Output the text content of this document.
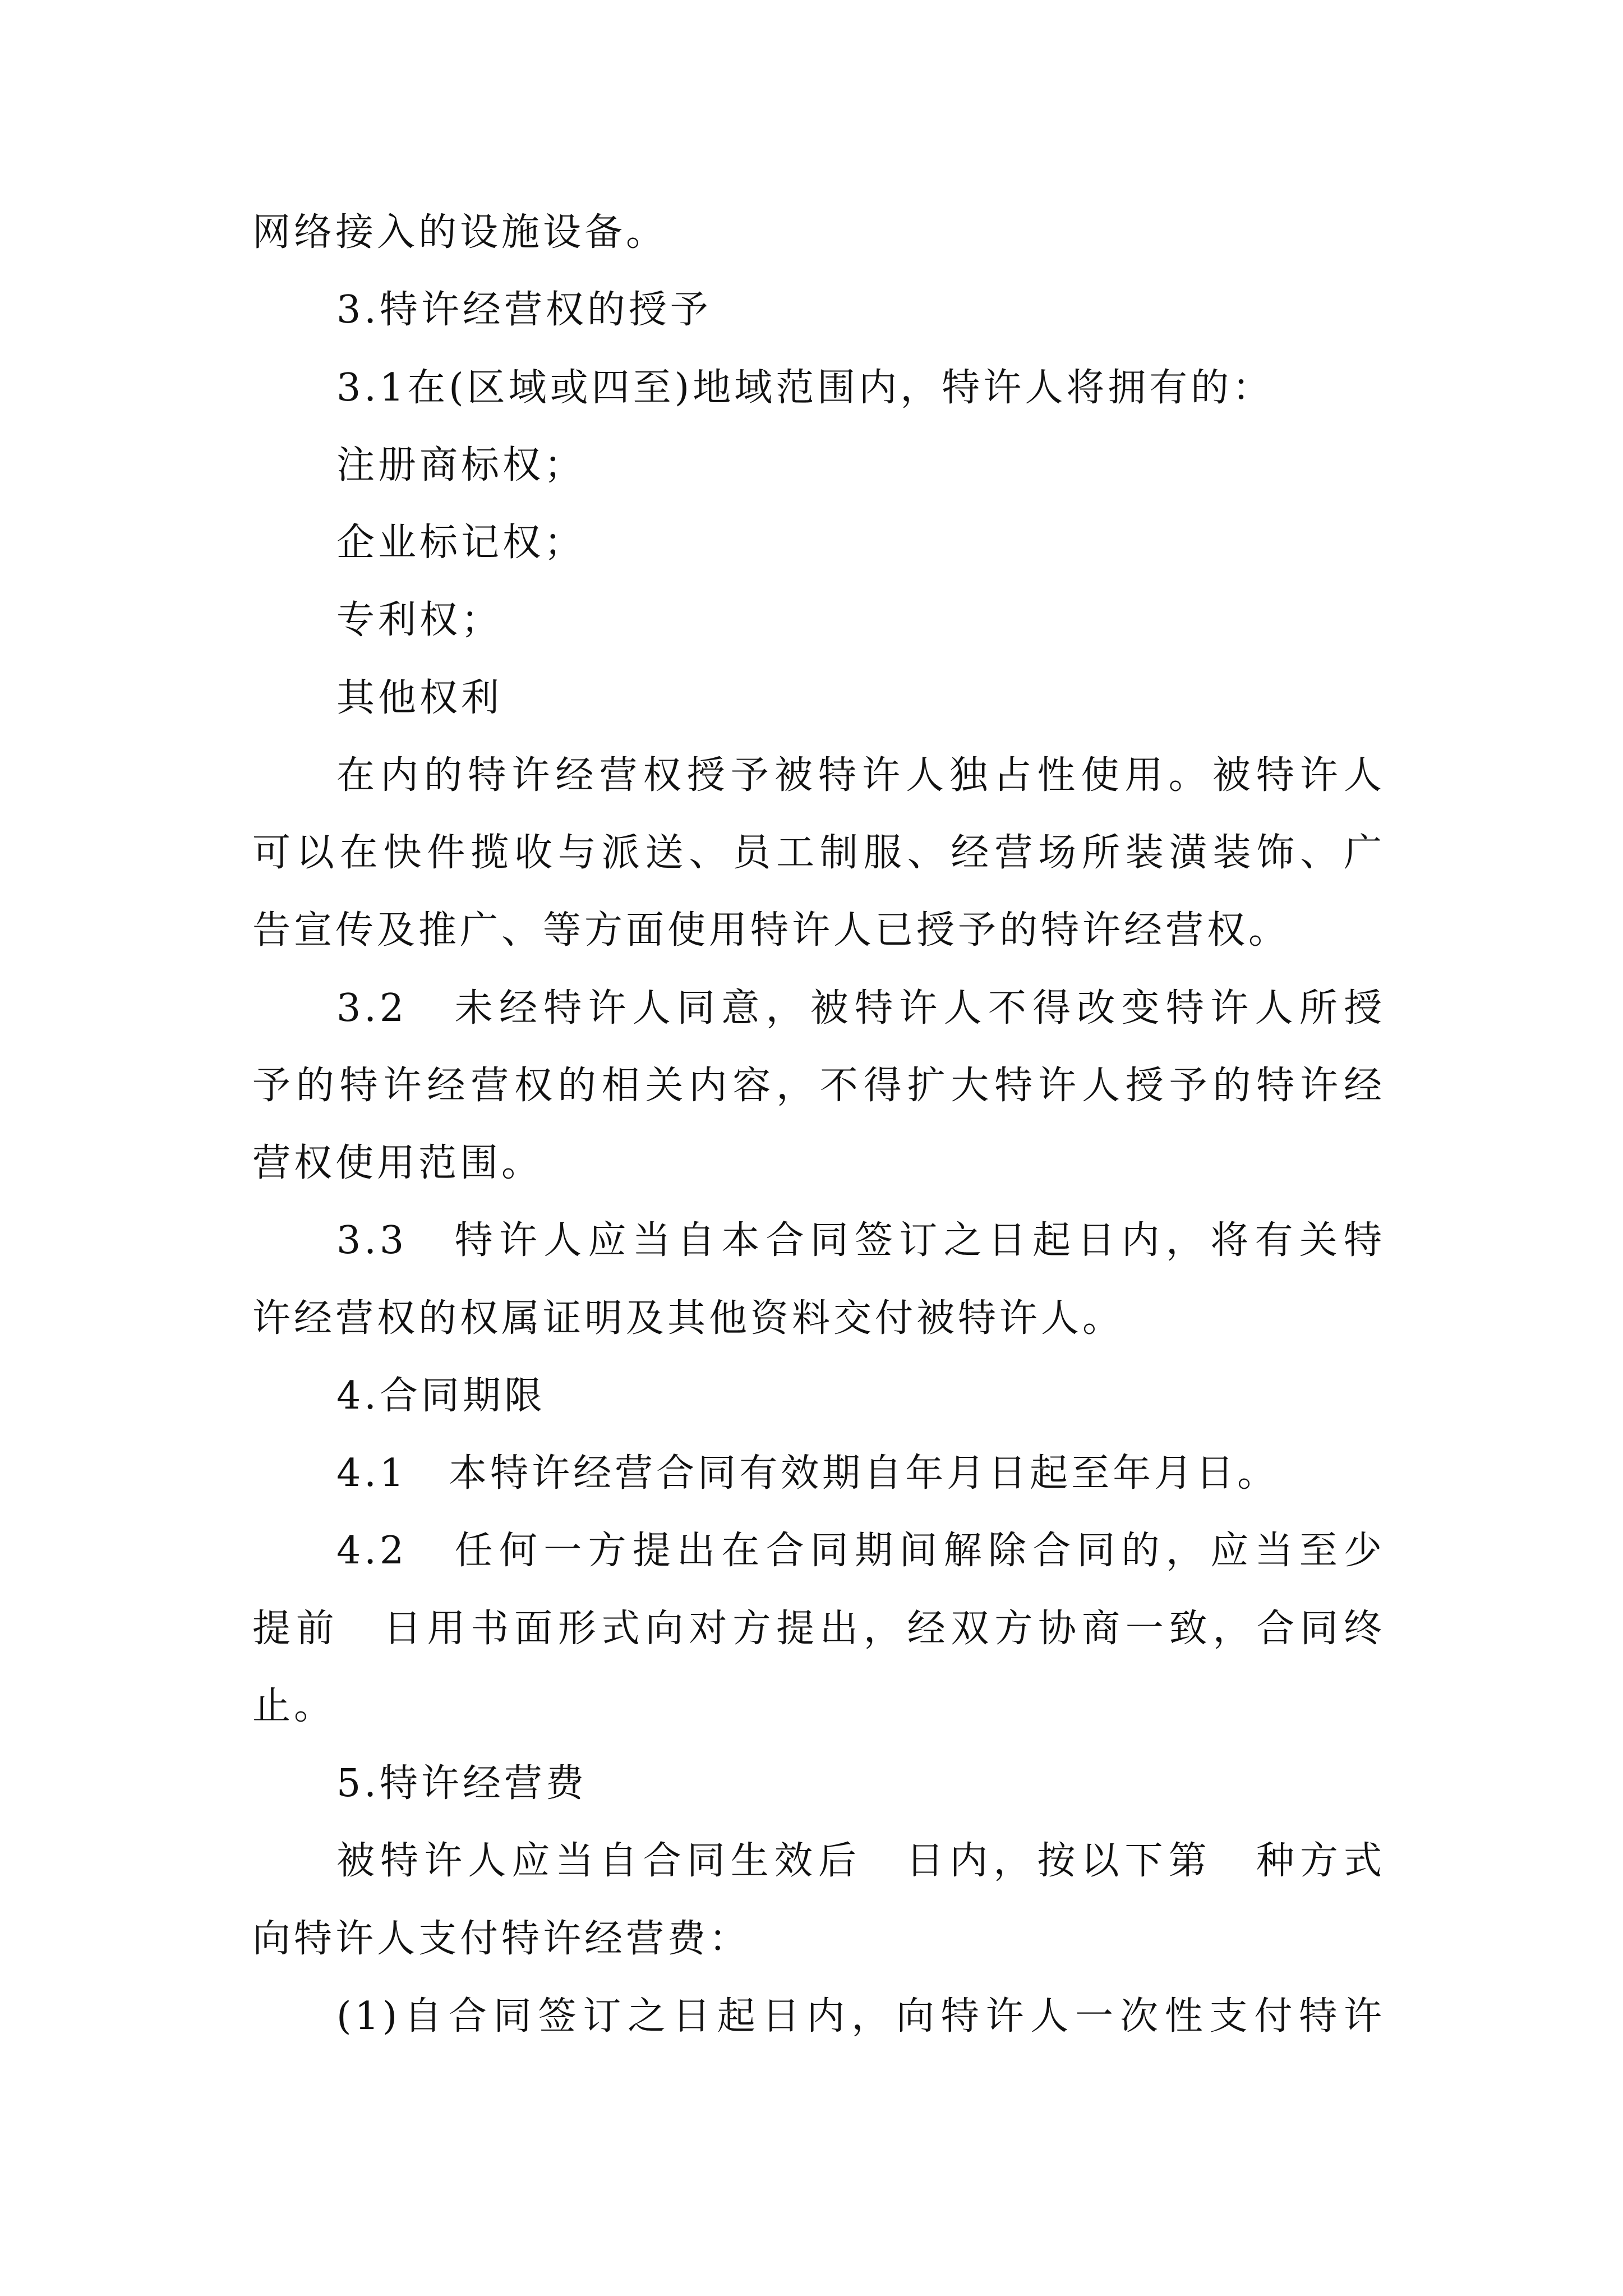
网络接入的设施设备。
3.特许经营权的授予
3.1在(区域或四至)地域范围内，特许人将拥有的：
注册商标权；
企业标记权；
专利权；
其他权利
在内的特许经营权授予被特许人独占性使用。被特许人
可以在快件揽收与派送、员工制服、经营场所装潢装饰、广
告宣传及推广、等方面使用特许人已授予的特许经营权。
3.2　未经特许人同意，被特许人不得改变特许人所授
予的特许经营权的相关内容，不得扩大特许人授予的特许经
营权使用范围。
3.3　特许人应当自本合同签订之日起日内，将有关特
许经营权的权属证明及其他资料交付被特许人。
4.合同期限
4.1　本特许经营合同有效期自年月日起至年月日。
4.2　任何一方提出在合同期间解除合同的，应当至少
提前　日用书面形式向对方提出，经双方协商一致，合同终
止。
5.特许经营费
被特许人应当自合同生效后　日内，按以下第　种方式
向特许人支付特许经营费：
(1)自合同签订之日起日内，向特许人一次性支付特许
